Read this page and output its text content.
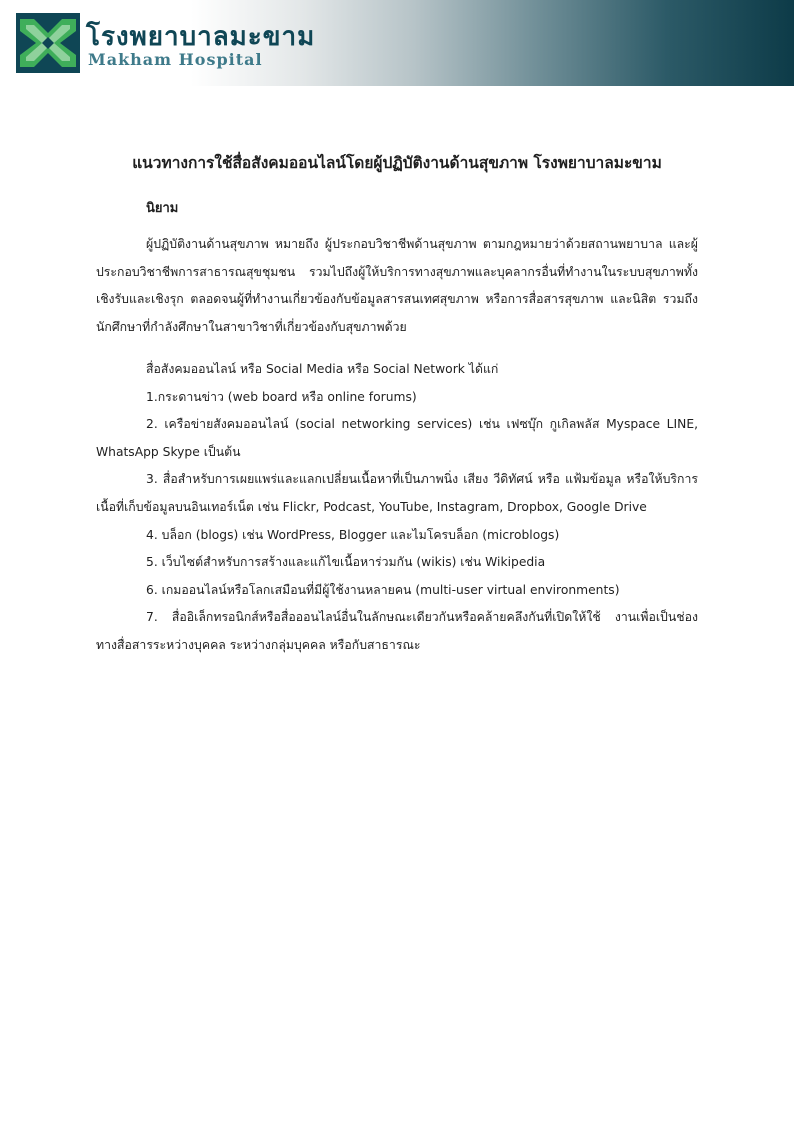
โรงพยาบาลมะขาม
Makham Hospital
แนวทางการใช้สื่อสังคมออนไลน์โดยผู้ปฏิบัติงานด้านสุขภาพ โรงพยาบาลมะขาม
นิยาม

ผู้ปฏิบัติงานด้านสุขภาพ หมายถึง ผู้ประกอบวิชาชีพด้านสุขภาพ ตามกฎหมายว่าด้วยสถานพยาบาล และผู้ประกอบวิชาชีพการสาธารณสุขชุมชน รวมไปถึงผู้ให้บริการทางสุขภาพและบุคลากรอื่นที่ทำงานในระบบสุขภาพทั้งเชิงรับและเชิงรุก ตลอดจนผู้ที่ทำงานเกี่ยวข้องกับข้อมูลสารสนเทศสุขภาพ หรือการสื่อสารสุขภาพ และนิสิต รวมถึงนักศึกษาที่กำลังศึกษาในสาขาวิชาที่เกี่ยวข้องกับสุขภาพด้วย

สื่อสังคมออนไลน์ หรือ Social Media หรือ Social Network ได้แก่

1.กระดานข่าว (web board หรือ online forums)

2. เครือข่ายสังคมออนไลน์ (social networking services) เช่น เฟซบุ๊ก กูเกิลพลัส Myspace LINE, WhatsApp Skype เป็นต้น

3. สื่อสำหรับการเผยแพร่และแลกเปลี่ยนเนื้อหาที่เป็นภาพนิ่ง เสียง วีดิทัศน์ หรือ แฟ้มข้อมูล หรือให้บริการเนื้อที่เก็บข้อมูลบนอินเทอร์เน็ต เช่น Flickr, Podcast, YouTube, Instagram, Dropbox, Google Drive

4. บล็อก (blogs) เช่น WordPress, Blogger และไมโครบล็อก (microblogs)

5. เว็บไซต์สำหรับการสร้างและแก้ไขเนื้อหาร่วมกัน (wikis) เช่น Wikipedia

6. เกมออนไลน์หรือโลกเสมือนที่มีผู้ใช้งานหลายคน (multi-user virtual environments)

7. สื่ออิเล็กทรอนิกส์หรือสื่อออนไลน์อื่นในลักษณะเดียวกันหรือคล้ายคลึงกันที่เปิดให้ใช้ งานเพื่อเป็นช่องทางสื่อสารระหว่างบุคคล ระหว่างกลุ่มบุคคล หรือกับสาธารณะ
